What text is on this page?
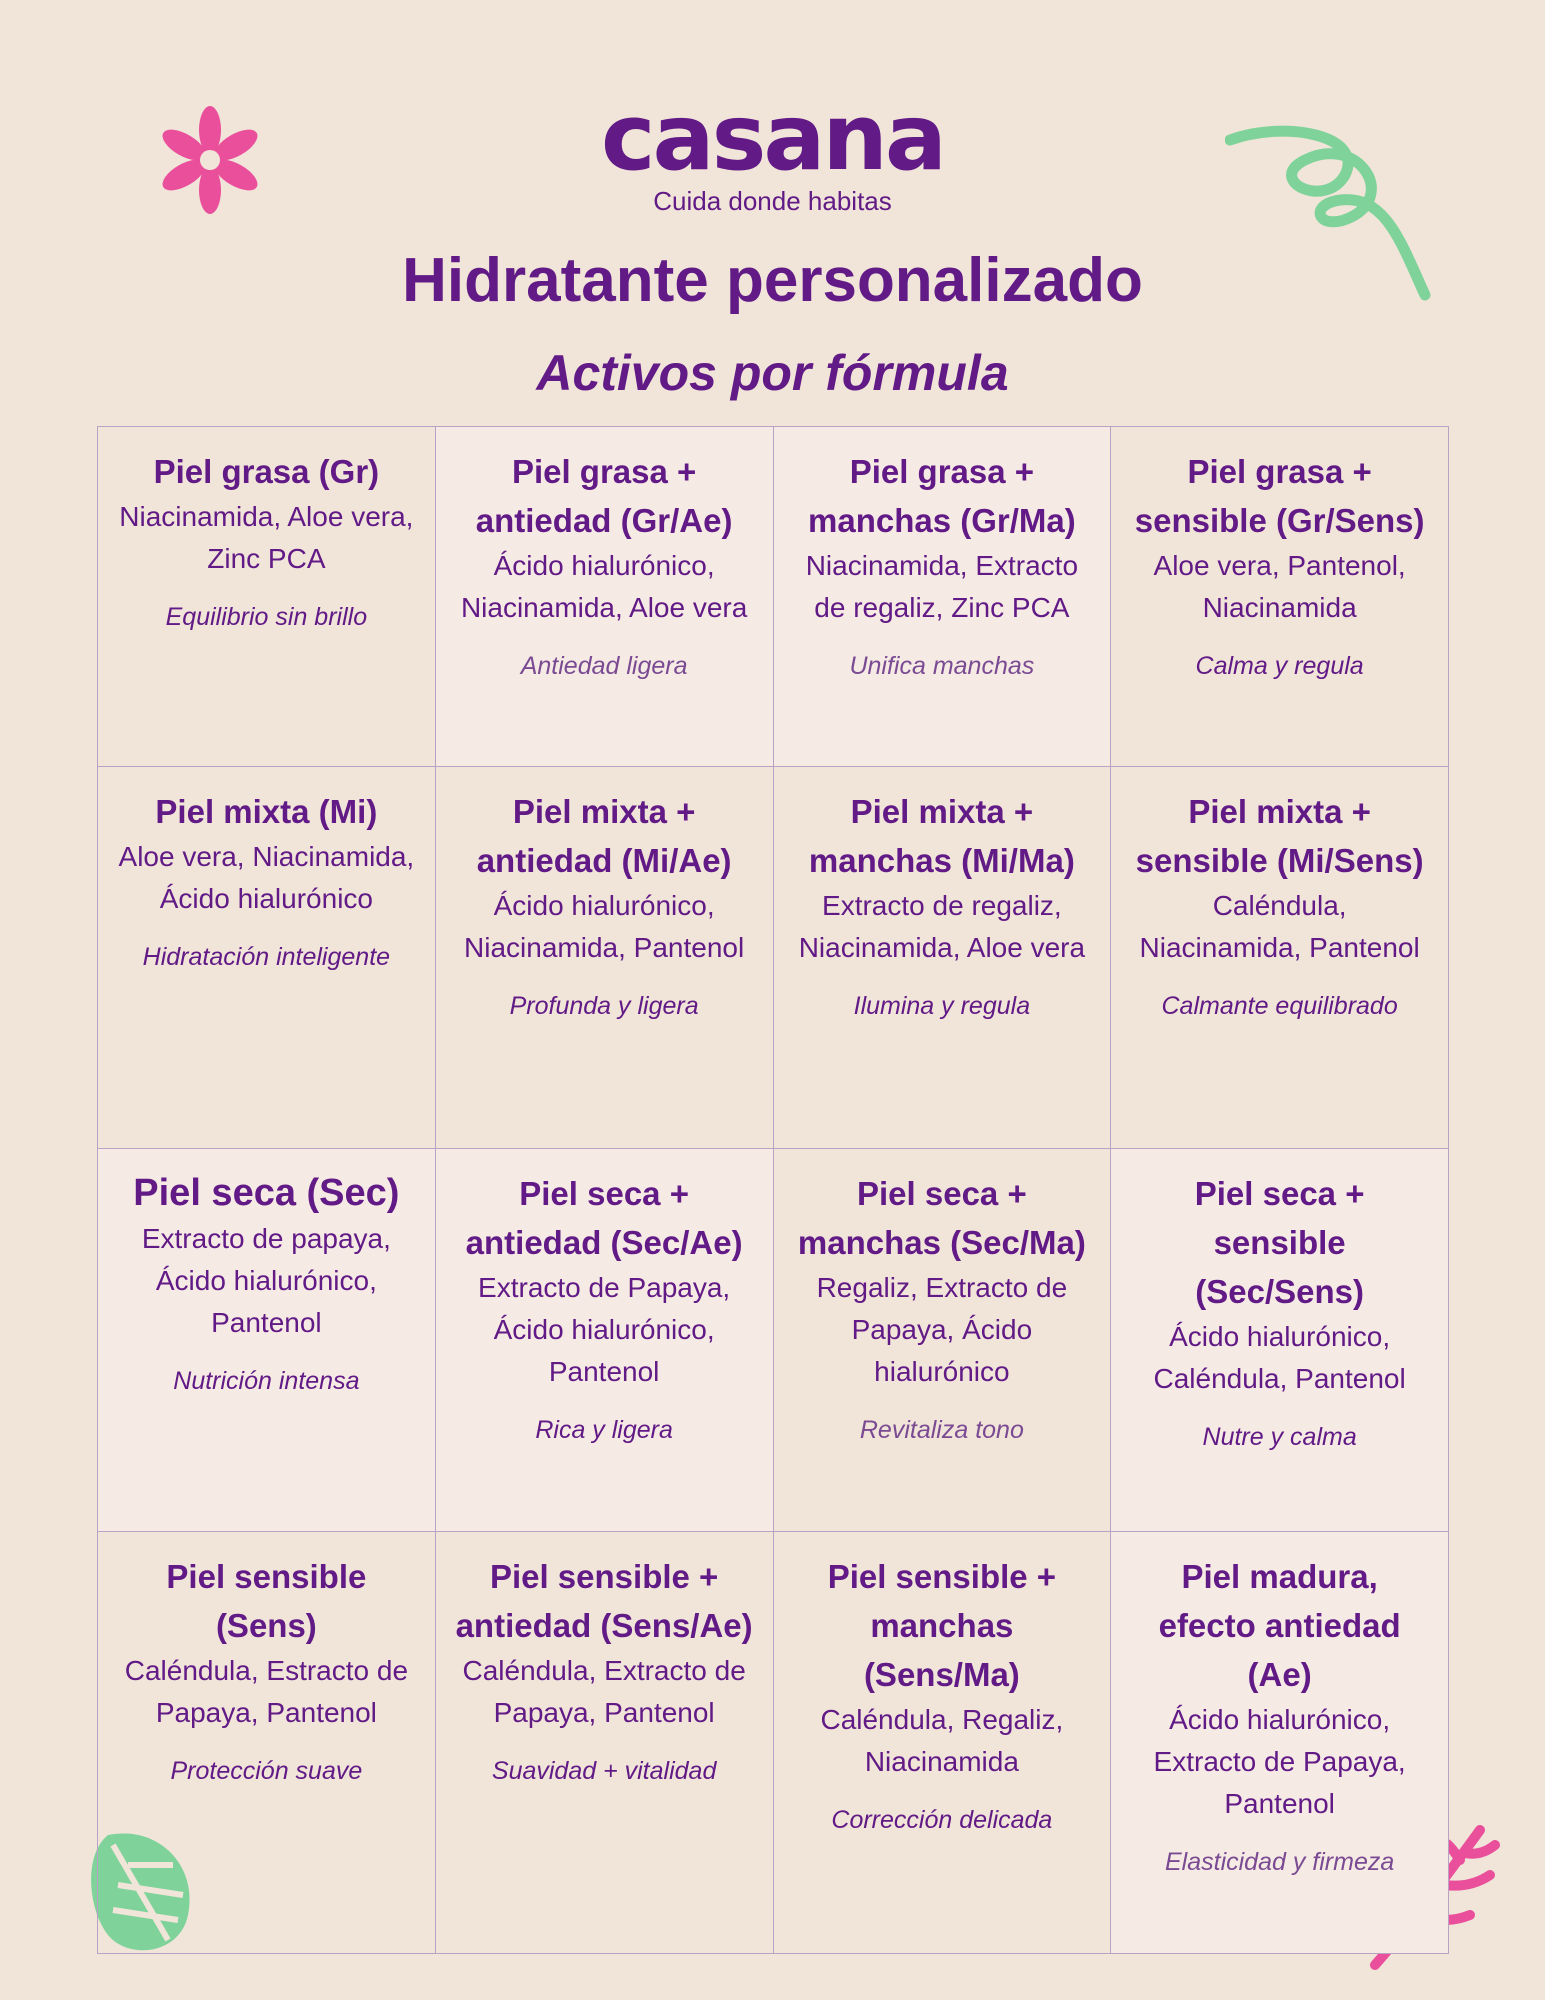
casana
Cuida donde habitas
Hidratante personalizado
Activos por fórmula
Piel grasa (Gr)
Niacinamida, Aloe vera, Zinc PCA
Equilibrio sin brillo
Piel grasa + antiedad (Gr/Ae)
Ácido hialurónico, Niacinamida, Aloe vera
Antiedad ligera
Piel grasa + manchas (Gr/Ma)
Niacinamida, Extracto de regaliz, Zinc PCA
Unifica manchas
Piel grasa + sensible (Gr/Sens)
Aloe vera, Pantenol, Niacinamida
Calma y regula
Piel mixta (Mi)
Aloe vera, Niacinamida, Ácido hialurónico
Hidratación inteligente
Piel mixta + antiedad (Mi/Ae)
Ácido hialurónico, Niacinamida, Pantenol
Profunda y ligera
Piel mixta + manchas (Mi/Ma)
Extracto de regaliz, Niacinamida, Aloe vera
Ilumina y regula
Piel mixta + sensible (Mi/Sens)
Caléndula, Niacinamida, Pantenol
Calmante equilibrado
Piel seca (Sec)
Extracto de papaya, Ácido hialurónico, Pantenol
Nutrición intensa
Piel seca + antiedad (Sec/Ae)
Extracto de Papaya, Ácido hialurónico, Pantenol
Rica y ligera
Piel seca + manchas (Sec/Ma)
Regaliz, Extracto de Papaya, Ácido hialurónico
Revitaliza tono
Piel seca + sensible (Sec/Sens)
Ácido hialurónico, Caléndula, Pantenol
Nutre y calma
Piel sensible (Sens)
Caléndula, Estracto de Papaya, Pantenol
Protección suave
Piel sensible + antiedad (Sens/Ae)
Caléndula, Extracto de Papaya, Pantenol
Suavidad + vitalidad
Piel sensible + manchas (Sens/Ma)
Caléndula, Regaliz, Niacinamida
Corrección delicada
Piel madura, efecto antiedad (Ae)
Ácido hialurónico, Extracto de Papaya, Pantenol
Elasticidad y firmeza
